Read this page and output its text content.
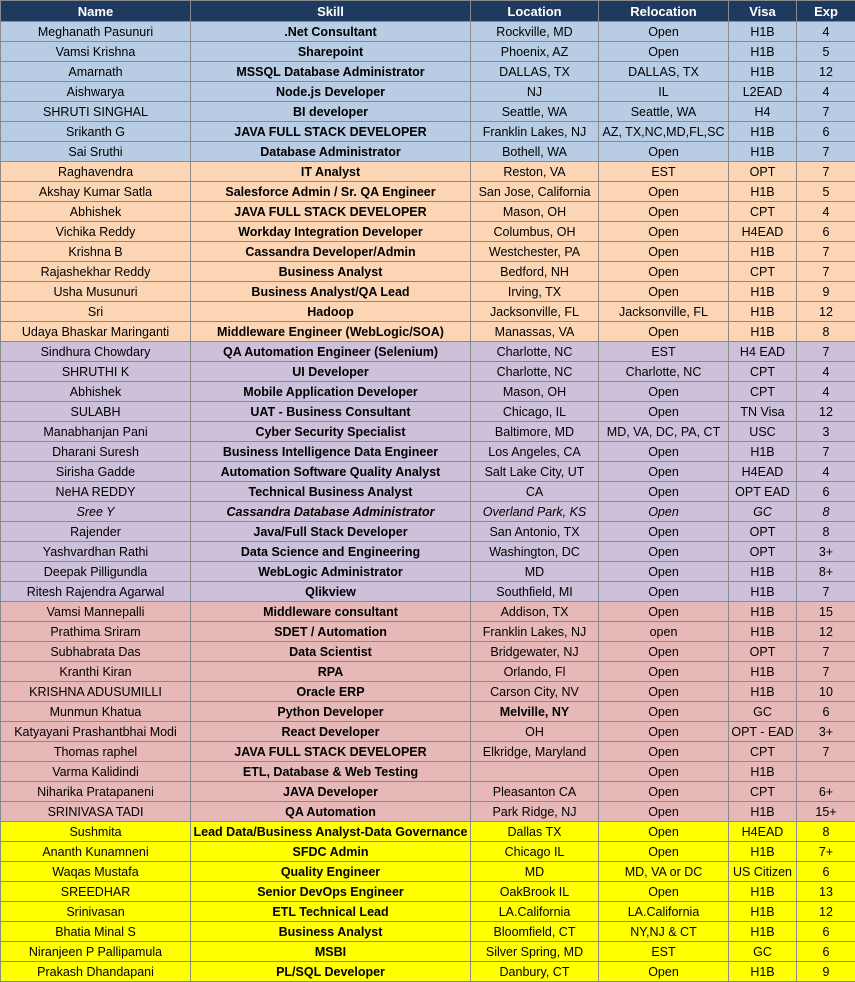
Name	Skill	Location	Relocation	Visa	Exp
Meghanath Pasunuri	.Net Consultant	Rockville, MD	Open	H1B	4
Vamsi Krishna	Sharepoint	Phoenix, AZ	Open	H1B	5
Amarnath	MSSQL Database Administrator	DALLAS, TX	DALLAS, TX	H1B	12
Aishwarya	Node.js Developer	NJ	IL	L2EAD	4
SHRUTI SINGHAL	BI developer	Seattle, WA	Seattle, WA	H4	7
Srikanth G	JAVA FULL STACK DEVELOPER	Franklin Lakes, NJ	AZ, TX,NC,MD,FL,SC	H1B	6
Sai Sruthi	Database Administrator	Bothell, WA	Open	H1B	7
Raghavendra	IT Analyst	Reston, VA	EST	OPT	7
Akshay Kumar Satla	Salesforce Admin / Sr. QA Engineer	San Jose, California	Open	H1B	5
Abhishek	JAVA FULL STACK DEVELOPER	Mason, OH	Open	CPT	4
Vichika Reddy	Workday Integration Developer	Columbus, OH	Open	H4EAD	6
Krishna B	Cassandra Developer/Admin	Westchester, PA	Open	H1B	7
Rajashekhar Reddy	Business Analyst	Bedford, NH	Open	CPT	7
Usha Musunuri	Business Analyst/QA Lead	Irving, TX	Open	H1B	9
Sri	Hadoop	Jacksonville, FL	Jacksonville, FL	H1B	12
Udaya Bhaskar Maringanti	Middleware Engineer (WebLogic/SOA)	Manassas, VA	Open	H1B	8
Sindhura Chowdary	QA Automation Engineer (Selenium)	Charlotte, NC	EST	H4 EAD	7
SHRUTHI K	UI Developer	Charlotte, NC	Charlotte, NC	CPT	4
Abhishek	Mobile Application Developer	Mason, OH	Open	CPT	4
SULABH	UAT - Business Consultant	Chicago, IL	Open	TN Visa	12
Manabhanjan Pani	Cyber Security Specialist	Baltimore, MD	MD, VA, DC, PA, CT	USC	3
Dharani Suresh	Business Intelligence Data Engineer	Los Angeles, CA	Open	H1B	7
Sirisha Gadde	Automation Software Quality Analyst	Salt Lake City, UT	Open	H4EAD	4
NeHA REDDY	Technical Business Analyst	CA	Open	OPT EAD	6
Sree Y	Cassandra Database Administrator	Overland Park, KS	Open	GC	8
Rajender	Java/Full Stack Developer	San Antonio, TX	Open	OPT	8
Yashvardhan Rathi	Data Science and Engineering	Washington, DC	Open	OPT	3+
Deepak Pilligundla	WebLogic Administrator	MD	Open	H1B	8+
Ritesh Rajendra Agarwal	Qlikview	Southfield, MI	Open	H1B	7
Vamsi Mannepalli	Middleware consultant	Addison, TX	Open	H1B	15
Prathima Sriram	SDET / Automation	Franklin Lakes, NJ	open	H1B	12
Subhabrata Das	Data Scientist	Bridgewater, NJ	Open	OPT	7
Kranthi Kiran	RPA	Orlando, Fl	Open	H1B	7
KRISHNA ADUSUMILLI	Oracle ERP	Carson City, NV	Open	H1B	10
Munmun Khatua	Python Developer	Melville, NY	Open	GC	6
Katyayani Prashantbhai Modi	React Developer	OH	Open	OPT - EAD	3+
Thomas raphel	JAVA FULL STACK DEVELOPER	Elkridge, Maryland	Open	CPT	7
Varma Kalidindi	ETL, Database & Web Testing		Open	H1B	
Niharika Pratapaneni	JAVA Developer	Pleasanton CA	Open	CPT	6+
SRINIVASA TADI	QA Automation	Park Ridge, NJ	Open	H1B	15+
Sushmita	Lead Data/Business Analyst-Data Governance	Dallas TX	Open	H4EAD	8
Ananth Kunamneni	SFDC Admin	Chicago IL	Open	H1B	7+
Waqas Mustafa	Quality Engineer	MD	MD, VA or DC	US Citizen	6
SREEDHAR	Senior DevOps Engineer	OakBrook IL	Open	H1B	13
Srinivasan	ETL Technical Lead	LA.California	LA.California	H1B	12
Bhatia Minal S	Business Analyst	Bloomfield, CT	NY,NJ & CT	H1B	6
Niranjeen P Pallipamula	MSBI	Silver Spring, MD	EST	GC	6
Prakash Dhandapani	PL/SQL Developer	Danbury, CT	Open	H1B	9
